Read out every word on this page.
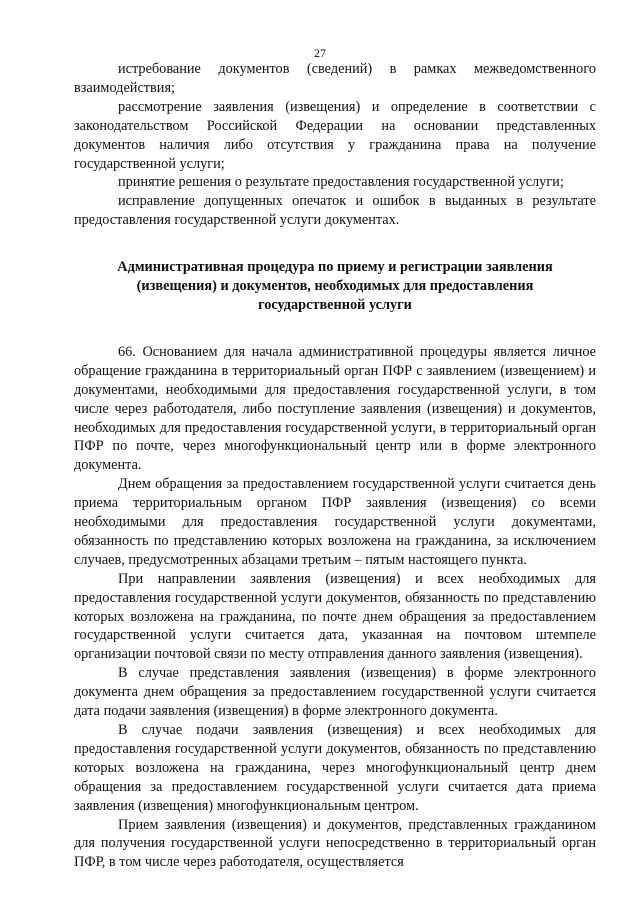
27

истребование документов (сведений) в рамках межведомственного взаимодействия;

рассмотрение заявления (извещения) и определение в соответствии с законодательством Российской Федерации на основании представленных документов наличия либо отсутствия у гражданина права на получение государственной услуги;

принятие решения о результате предоставления государственной услуги;

исправление допущенных опечаток и ошибок в выданных в результате предоставления государственной услуги документах.

Административная процедура по приему и регистрации заявления (извещения) и документов, необходимых для предоставления государственной услуги

66. Основанием для начала административной процедуры является личное обращение гражданина в территориальный орган ПФР с заявлением (извещением) и документами, необходимыми для предоставления государственной услуги, в том числе через работодателя, либо поступление заявления (извещения) и документов, необходимых для предоставления государственной услуги, в территориальный орган ПФР по почте, через многофункциональный центр или в форме электронного документа.

Днем обращения за предоставлением государственной услуги считается день приема территориальным органом ПФР заявления (извещения) со всеми необходимыми для предоставления государственной услуги документами, обязанность по представлению которых возложена на гражданина, за исключением случаев, предусмотренных абзацами третьим – пятым настоящего пункта.

При направлении заявления (извещения) и всех необходимых для предоставления государственной услуги документов, обязанность по представлению которых возложена на гражданина, по почте днем обращения за предоставлением государственной услуги считается дата, указанная на почтовом штемпеле организации почтовой связи по месту отправления данного заявления (извещения).

В случае представления заявления (извещения) в форме электронного документа днем обращения за предоставлением государственной услуги считается дата подачи заявления (извещения) в форме электронного документа.

В случае подачи заявления (извещения) и всех необходимых для предоставления государственной услуги документов, обязанность по представлению которых возложена на гражданина, через многофункциональный центр днем обращения за предоставлением государственной услуги считается дата приема заявления (извещения) многофункциональным центром.

Прием заявления (извещения) и документов, представленных гражданином для получения государственной услуги непосредственно в территориальный орган ПФР, в том числе через работодателя, осуществляется
